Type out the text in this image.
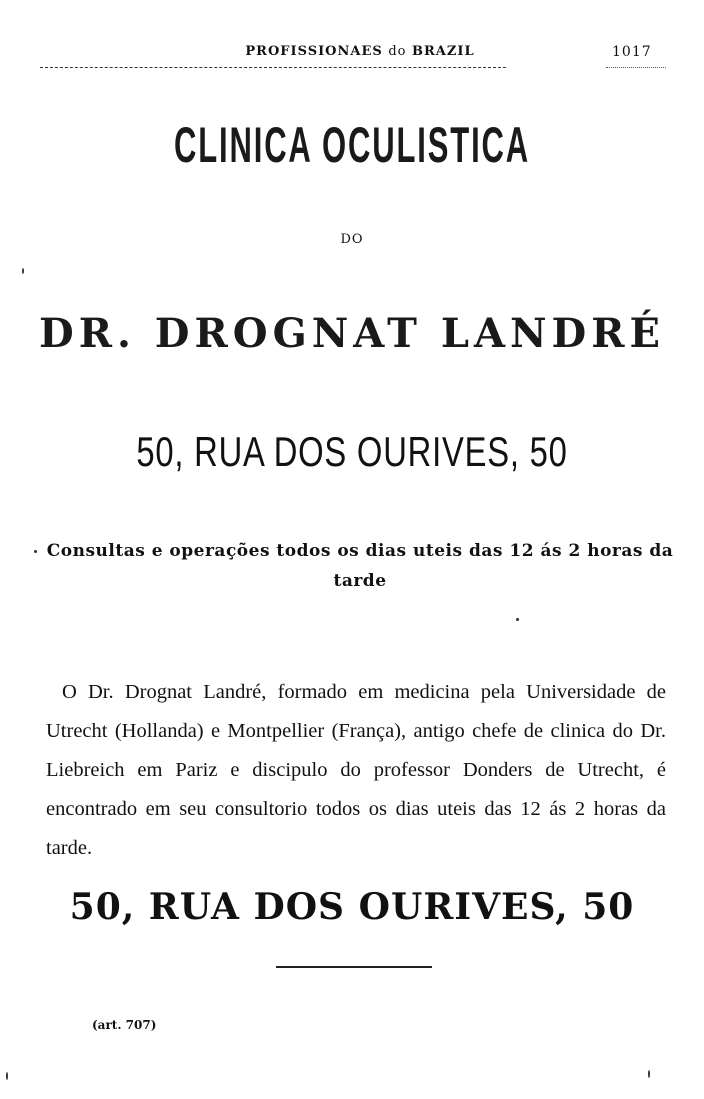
PROFISSIONAES do BRAZIL	1017
CLINICA OCULISTICA
DO
DR. DROGNAT LANDRÉ
50, RUA DOS OURIVES, 50
Consultas e operações todos os dias uteis das 12 ás 2 horas da tarde

O Dr. Drognat Landré, formado em medicina pela Universidade de Utrecht (Hollanda) e Montpellier (França), antigo chefe de clinica do Dr. Liebreich em Pariz e discipulo do professor Donders de Utrecht, é encontrado em seu consultorio todos os dias uteis das 12 ás 2 horas da tarde.

50, RUA DOS OURIVES, 50
(art. 707)
